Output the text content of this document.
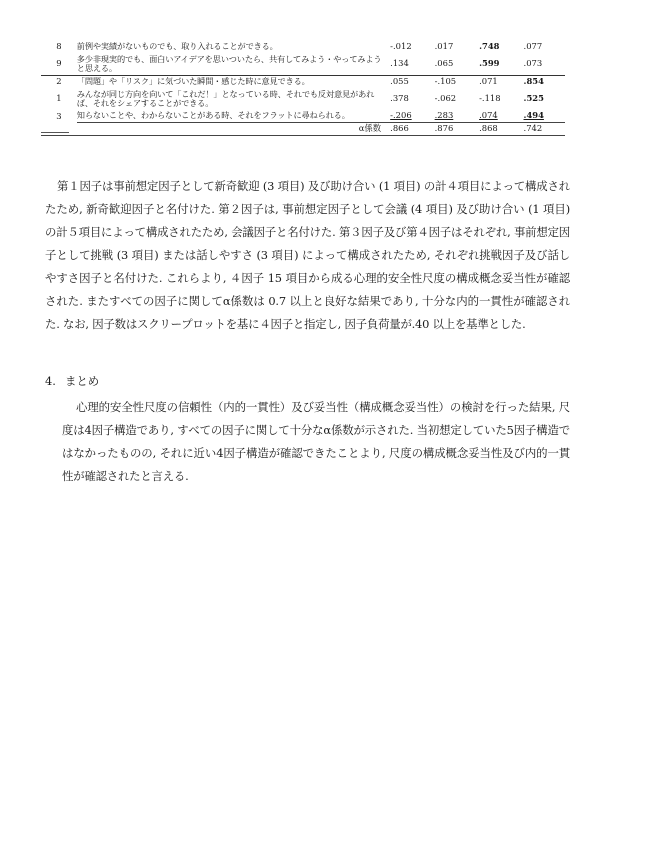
8	前例や実績がないものでも、取り入れることができる。	-.012	.017	.748	.077
9	多少非現実的でも、面白いアイデアを思いついたら、共有してみよう・やってみようと思える。	.134	.065	.599	.073
2	「問題」や「リスク」に気づいた瞬間・感じた時に意見できる。	.055	-.105	.071	.854
1	みんなが同じ方向を向いて「これだ！」となっている時、それでも反対意見があれば、それをシェアすることができる。	.378	-.062	-.118	.525
3	知らないことや、わからないことがある時、それをフラットに尋ねられる。	-.206	.283	.074	.494
	α係数	.866	.876	.868	.742

第１因子は事前想定因子として新奇歓迎 (3 項目) 及び助け合い (1 項目) の計４項目によって構成されたため, 新奇歓迎因子と名付けた. 第２因子は, 事前想定因子として会議 (4 項目) 及び助け合い (1 項目) の計５項目によって構成されたため, 会議因子と名付けた. 第３因子及び第４因子はそれぞれ, 事前想定因子として挑戦 (3 項目) または話しやすさ (3 項目) によって構成されたため, それぞれ挑戦因子及び話しやすさ因子と名付けた. これらより, ４因子 15 項目から成る心理的安全性尺度の構成概念妥当性が確認された. またすべての因子に関してα係数は 0.7 以上と良好な結果であり, 十分な内的一貫性が確認された. なお, 因子数はスクリープロットを基に４因子と指定し, 因子負荷量が.40 以上を基準とした.

4. まとめ

心理的安全性尺度の信頼性（内的一貫性）及び妥当性（構成概念妥当性）の検討を行った結果, 尺度は4因子構造であり, すべての因子に関して十分なα係数が示された. 当初想定していた5因子構造ではなかったものの, それに近い4因子構造が確認できたことより, 尺度の構成概念妥当性及び内的一貫性が確認されたと言える.
